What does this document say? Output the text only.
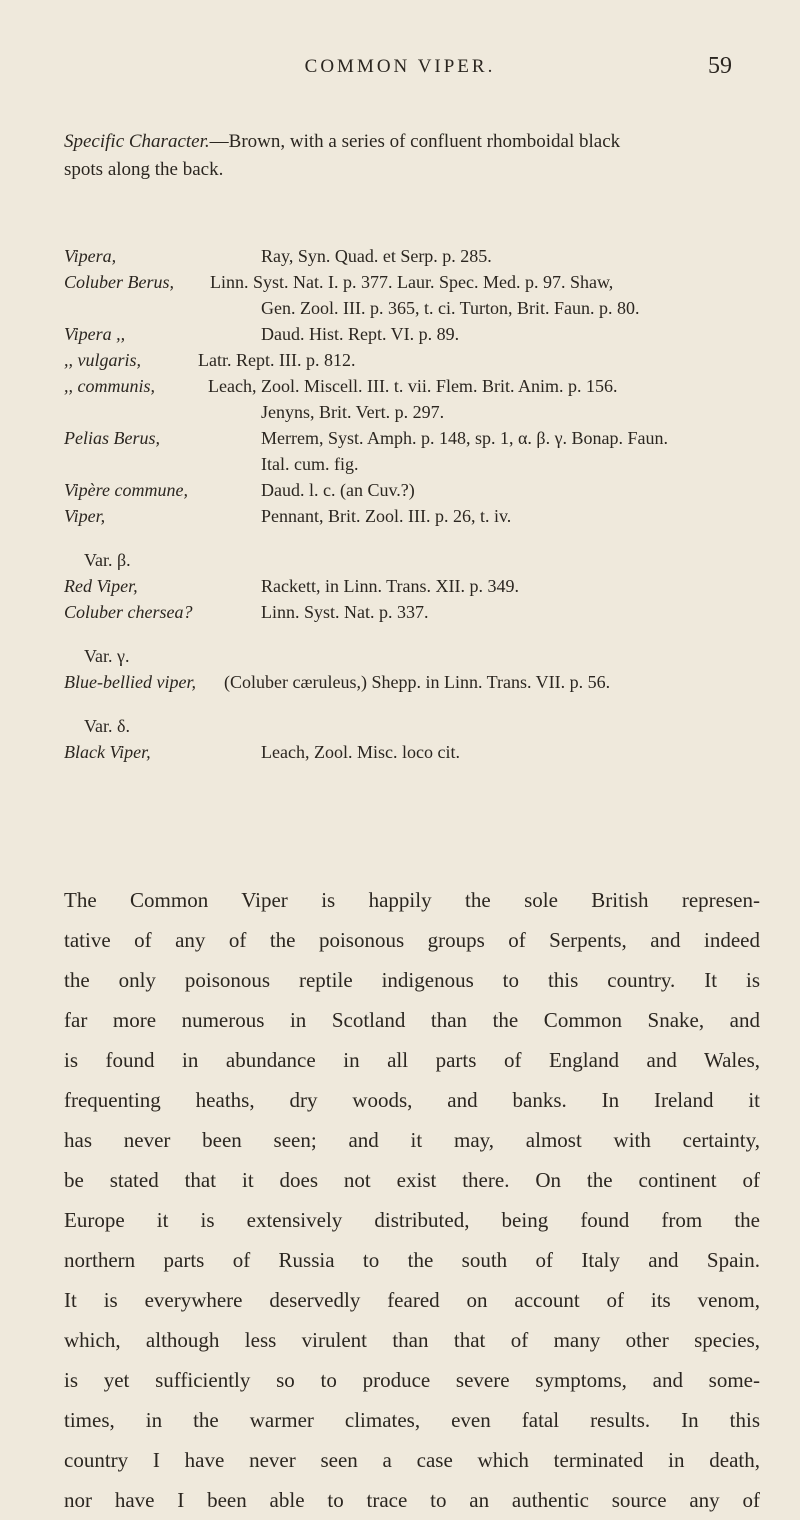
COMMON VIPER.	59
Specific Character.—Brown, with a series of confluent rhomboidal black
spots along the back.
Vipera,	Ray, Syn. Quad. et Serp. p. 285.
Coluber Berus, Linn. Syst. Nat. I. p. 377. Laur. Spec. Med. p. 97. Shaw,
Gen. Zool. III. p. 365, t. ci. Turton, Brit. Faun. p. 80.
Vipera ,,	Daud. Hist. Rept. VI. p. 89.
,, vulgaris,	Latr. Rept. III. p. 812.
,, communis,	Leach, Zool. Miscell. III. t. vii. Flem. Brit. Anim. p. 156.
Jenyns, Brit. Vert. p. 297.
Pelias Berus,	Merrem, Syst. Amph. p. 148, sp. 1, α. β. γ. Bonap. Faun.
Ital. cum. fig.
Vipère commune,	Daud. l. c. (an Cuv.?)
Viper,	Pennant, Brit. Zool. III. p. 26, t. iv.
Var. β.
Red Viper,	Rackett, in Linn. Trans. XII. p. 349.
Coluber chersea?	Linn. Syst. Nat. p. 337.
Var. γ.
Blue-bellied viper, (Coluber cæruleus,) Shepp. in Linn. Trans. VII. p. 56.
Var. δ.
Black Viper,	Leach, Zool. Misc. loco cit.
The Common Viper is happily the sole British represen-
tative of any of the poisonous groups of Serpents, and indeed
the only poisonous reptile indigenous to this country. It is
far more numerous in Scotland than the Common Snake, and
is found in abundance in all parts of England and Wales,
frequenting heaths, dry woods, and banks. In Ireland it
has never been seen; and it may, almost with certainty,
be stated that it does not exist there. On the continent of
Europe it is extensively distributed, being found from the
northern parts of Russia to the south of Italy and Spain.
It is everywhere deservedly feared on account of its venom,
which, although less virulent than that of many other species,
is yet sufficiently so to produce severe symptoms, and some-
times, in the warmer climates, even fatal results. In this
country I have never seen a case which terminated in death,
nor have I been able to trace to an authentic source any of
